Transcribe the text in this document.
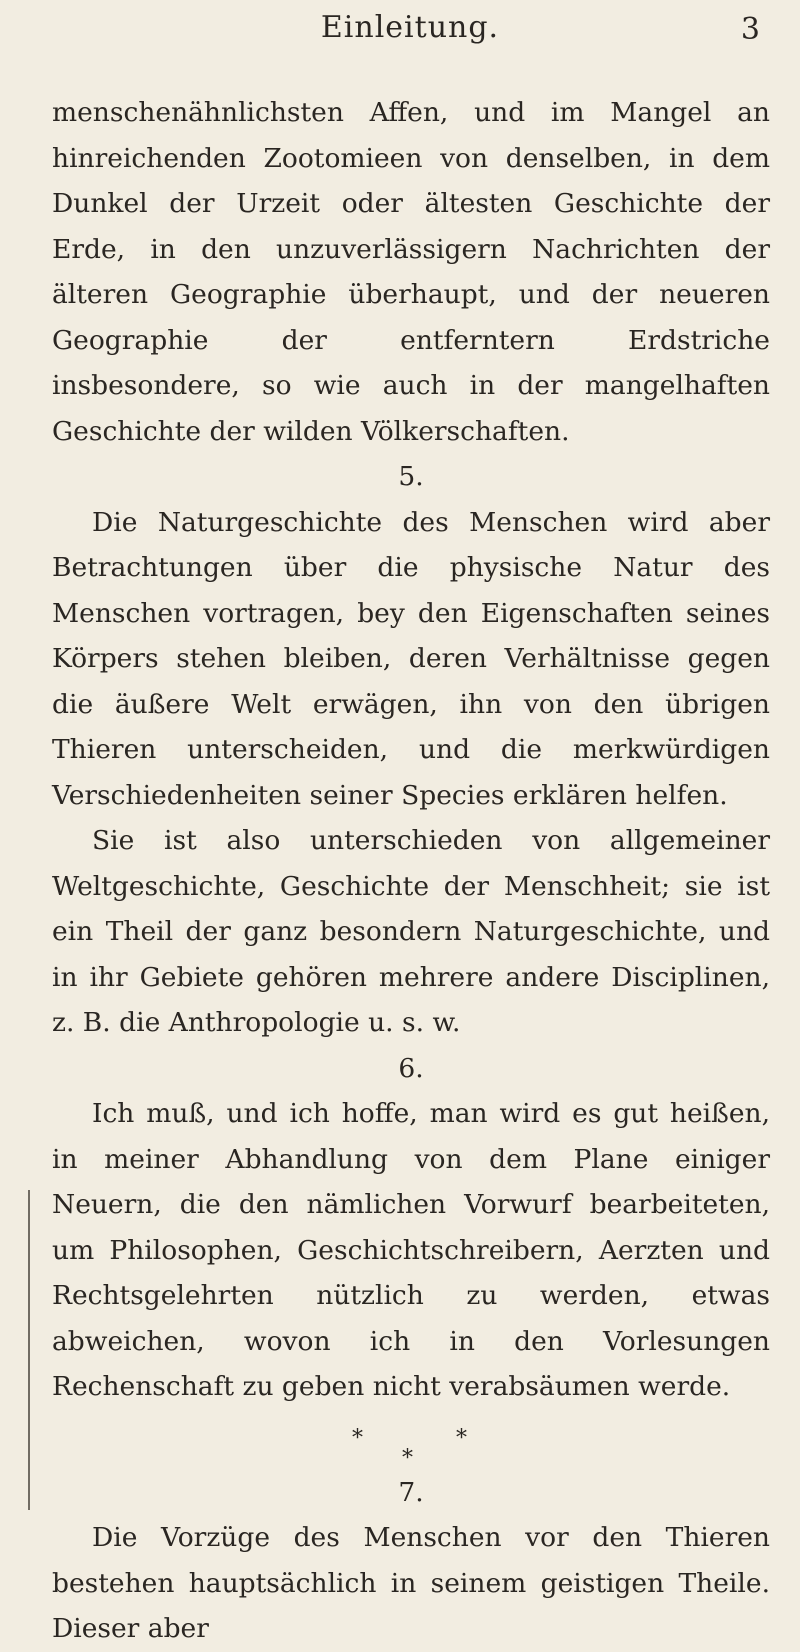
Einleitung.	3

menschenähnlichsten Affen, und im Mangel an hinreichenden Zootomieen von denselben, in dem Dunkel der Urzeit oder ältesten Geschichte der Erde, in den unzuverlässigern Nachrichten der älteren Geographie überhaupt, und der neueren Geographie der entferntern Erdstriche insbesondere, so wie auch in der mangelhaften Geschichte der wilden Völkerschaften.

5.

Die Naturgeschichte des Menschen wird aber Betrachtungen über die physische Natur des Menschen vortragen, bey den Eigenschaften seines Körpers stehen bleiben, deren Verhältnisse gegen die äußere Welt erwägen, ihn von den übrigen Thieren unterscheiden, und die merkwürdigen Verschiedenheiten seiner Species erklären helfen.

Sie ist also unterschieden von allgemeiner Weltgeschichte, Geschichte der Menschheit; sie ist ein Theil der ganz besondern Naturgeschichte, und in ihr Gebiete gehören mehrere andere Disciplinen, z. B. die Anthropologie u. s. w.

6.

Ich muß, und ich hoffe, man wird es gut heißen, in meiner Abhandlung von dem Plane einiger Neuern, die den nämlichen Vorwurf bearbeiteten, um Philosophen, Geschichtschreibern, Aerzten und Rechtsgelehrten nützlich zu werden, etwas abweichen, wovon ich in den Vorlesungen Rechenschaft zu geben nicht verabsäumen werde.

*
*
*

7.

Die Vorzüge des Menschen vor den Thieren bestehen hauptsächlich in seinem geistigen Theile. Dieser aber
